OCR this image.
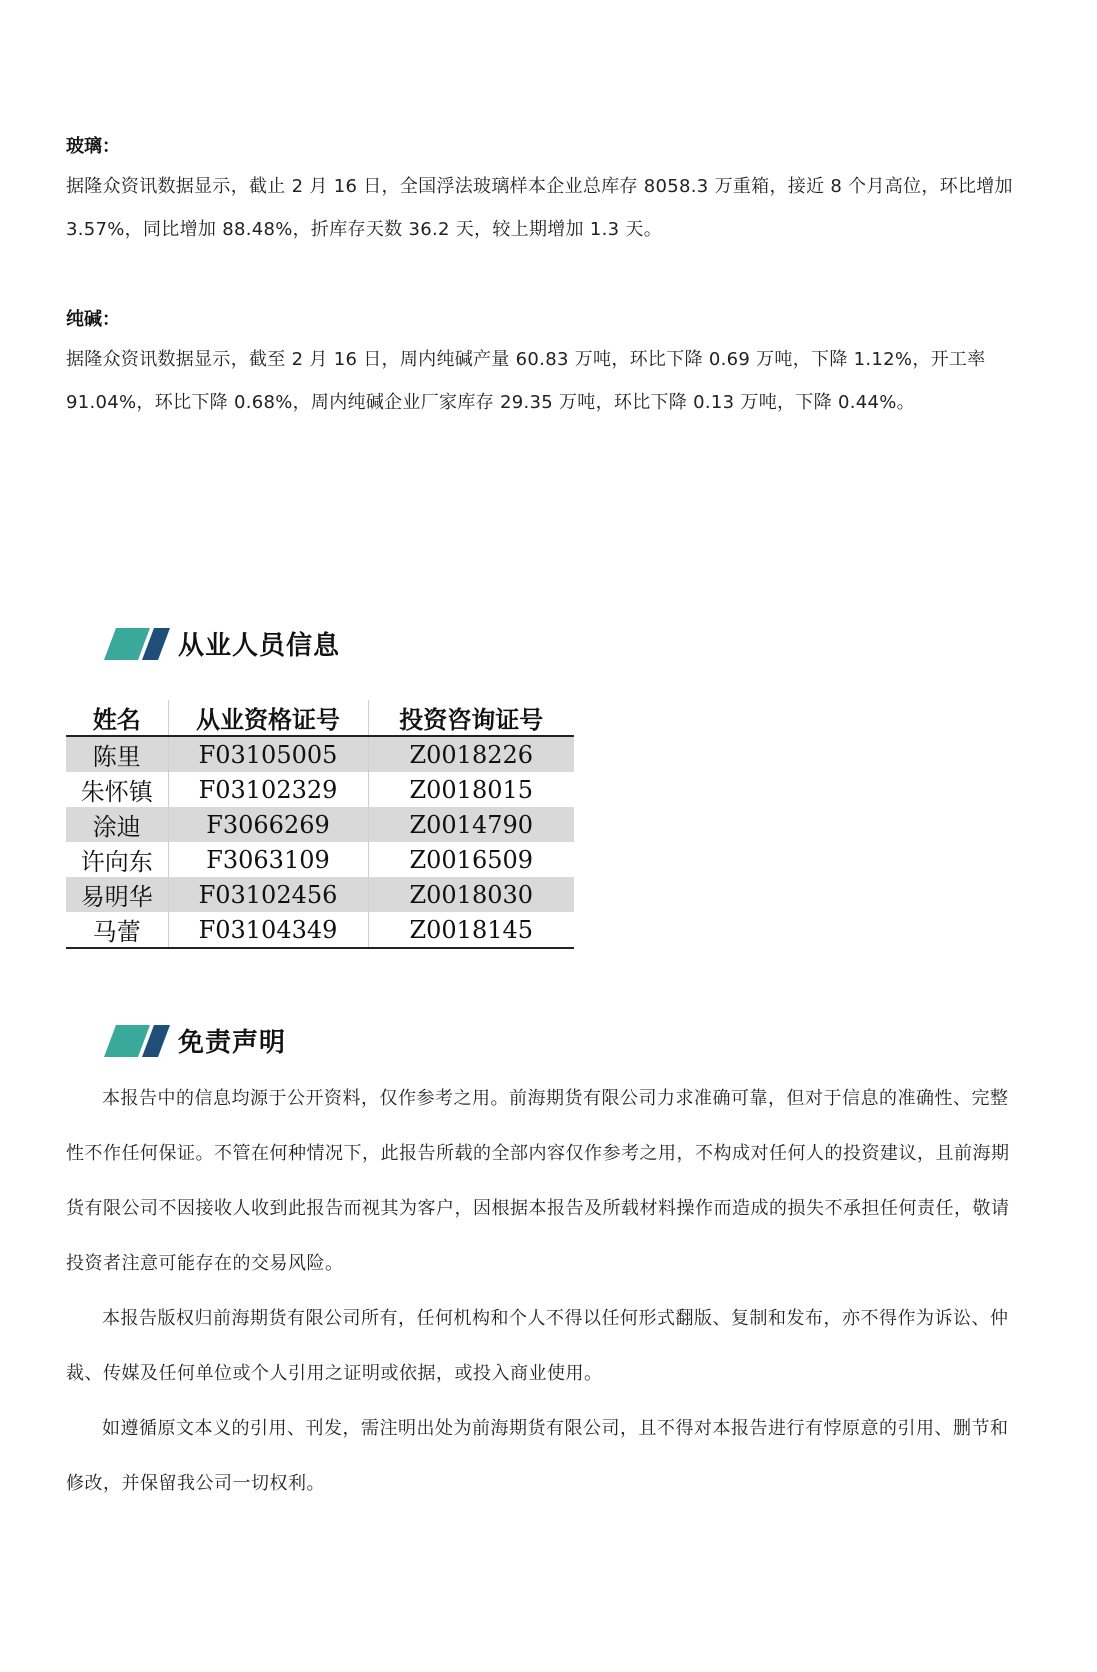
玻璃：
据隆众资讯数据显示，截止 2 月 16 日，全国浮法玻璃样本企业总库存 8058.3 万重箱，接近 8 个月高位，环比增加
3.57%，同比增加 88.48%，折库存天数 36.2 天，较上期增加 1.3 天。
纯碱：
据隆众资讯数据显示，截至 2 月 16 日，周内纯碱产量 60.83 万吨，环比下降 0.69 万吨，下降 1.12%，开工率
91.04%，环比下降 0.68%，周内纯碱企业厂家库存 29.35 万吨，环比下降 0.13 万吨，下降 0.44%。
从业人员信息
姓名	从业资格证号	投资咨询证号
陈里	F03105005	Z0018226
朱怀镇	F03102329	Z0018015
涂迪	F3066269	Z0014790
许向东	F3063109	Z0016509
易明华	F03102456	Z0018030
马蕾	F03104349	Z0018145
免责声明
本报告中的信息均源于公开资料，仅作参考之用。前海期货有限公司力求准确可靠，但对于信息的准确性、完整
性不作任何保证。不管在何种情况下，此报告所载的全部内容仅作参考之用，不构成对任何人的投资建议，且前海期
货有限公司不因接收人收到此报告而视其为客户，因根据本报告及所载材料操作而造成的损失不承担任何责任，敬请
投资者注意可能存在的交易风险。
本报告版权归前海期货有限公司所有，任何机构和个人不得以任何形式翻版、复制和发布，亦不得作为诉讼、仲
裁、传媒及任何单位或个人引用之证明或依据，或投入商业使用。
如遵循原文本义的引用、刊发，需注明出处为前海期货有限公司，且不得对本报告进行有悖原意的引用、删节和
修改，并保留我公司一切权利。
